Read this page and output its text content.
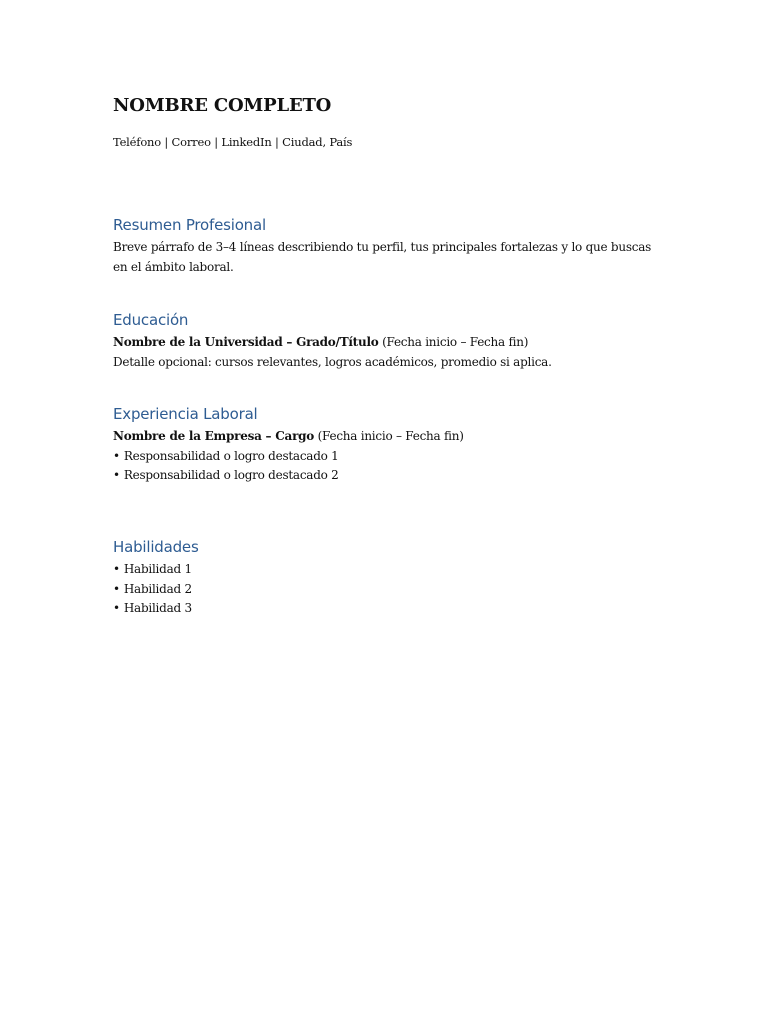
NOMBRE COMPLETO
Teléfono | Correo | LinkedIn | Ciudad, País
Resumen Profesional
Breve párrafo de 3–4 líneas describiendo tu perfil, tus principales fortalezas y lo que buscas
en el ámbito laboral.
Educación
Nombre de la Universidad – Grado/Título (Fecha inicio – Fecha fin)
Detalle opcional: cursos relevantes, logros académicos, promedio si aplica.
Experiencia Laboral
Nombre de la Empresa – Cargo (Fecha inicio – Fecha fin)
• Responsabilidad o logro destacado 1
• Responsabilidad o logro destacado 2
Habilidades
• Habilidad 1
• Habilidad 2
• Habilidad 3
